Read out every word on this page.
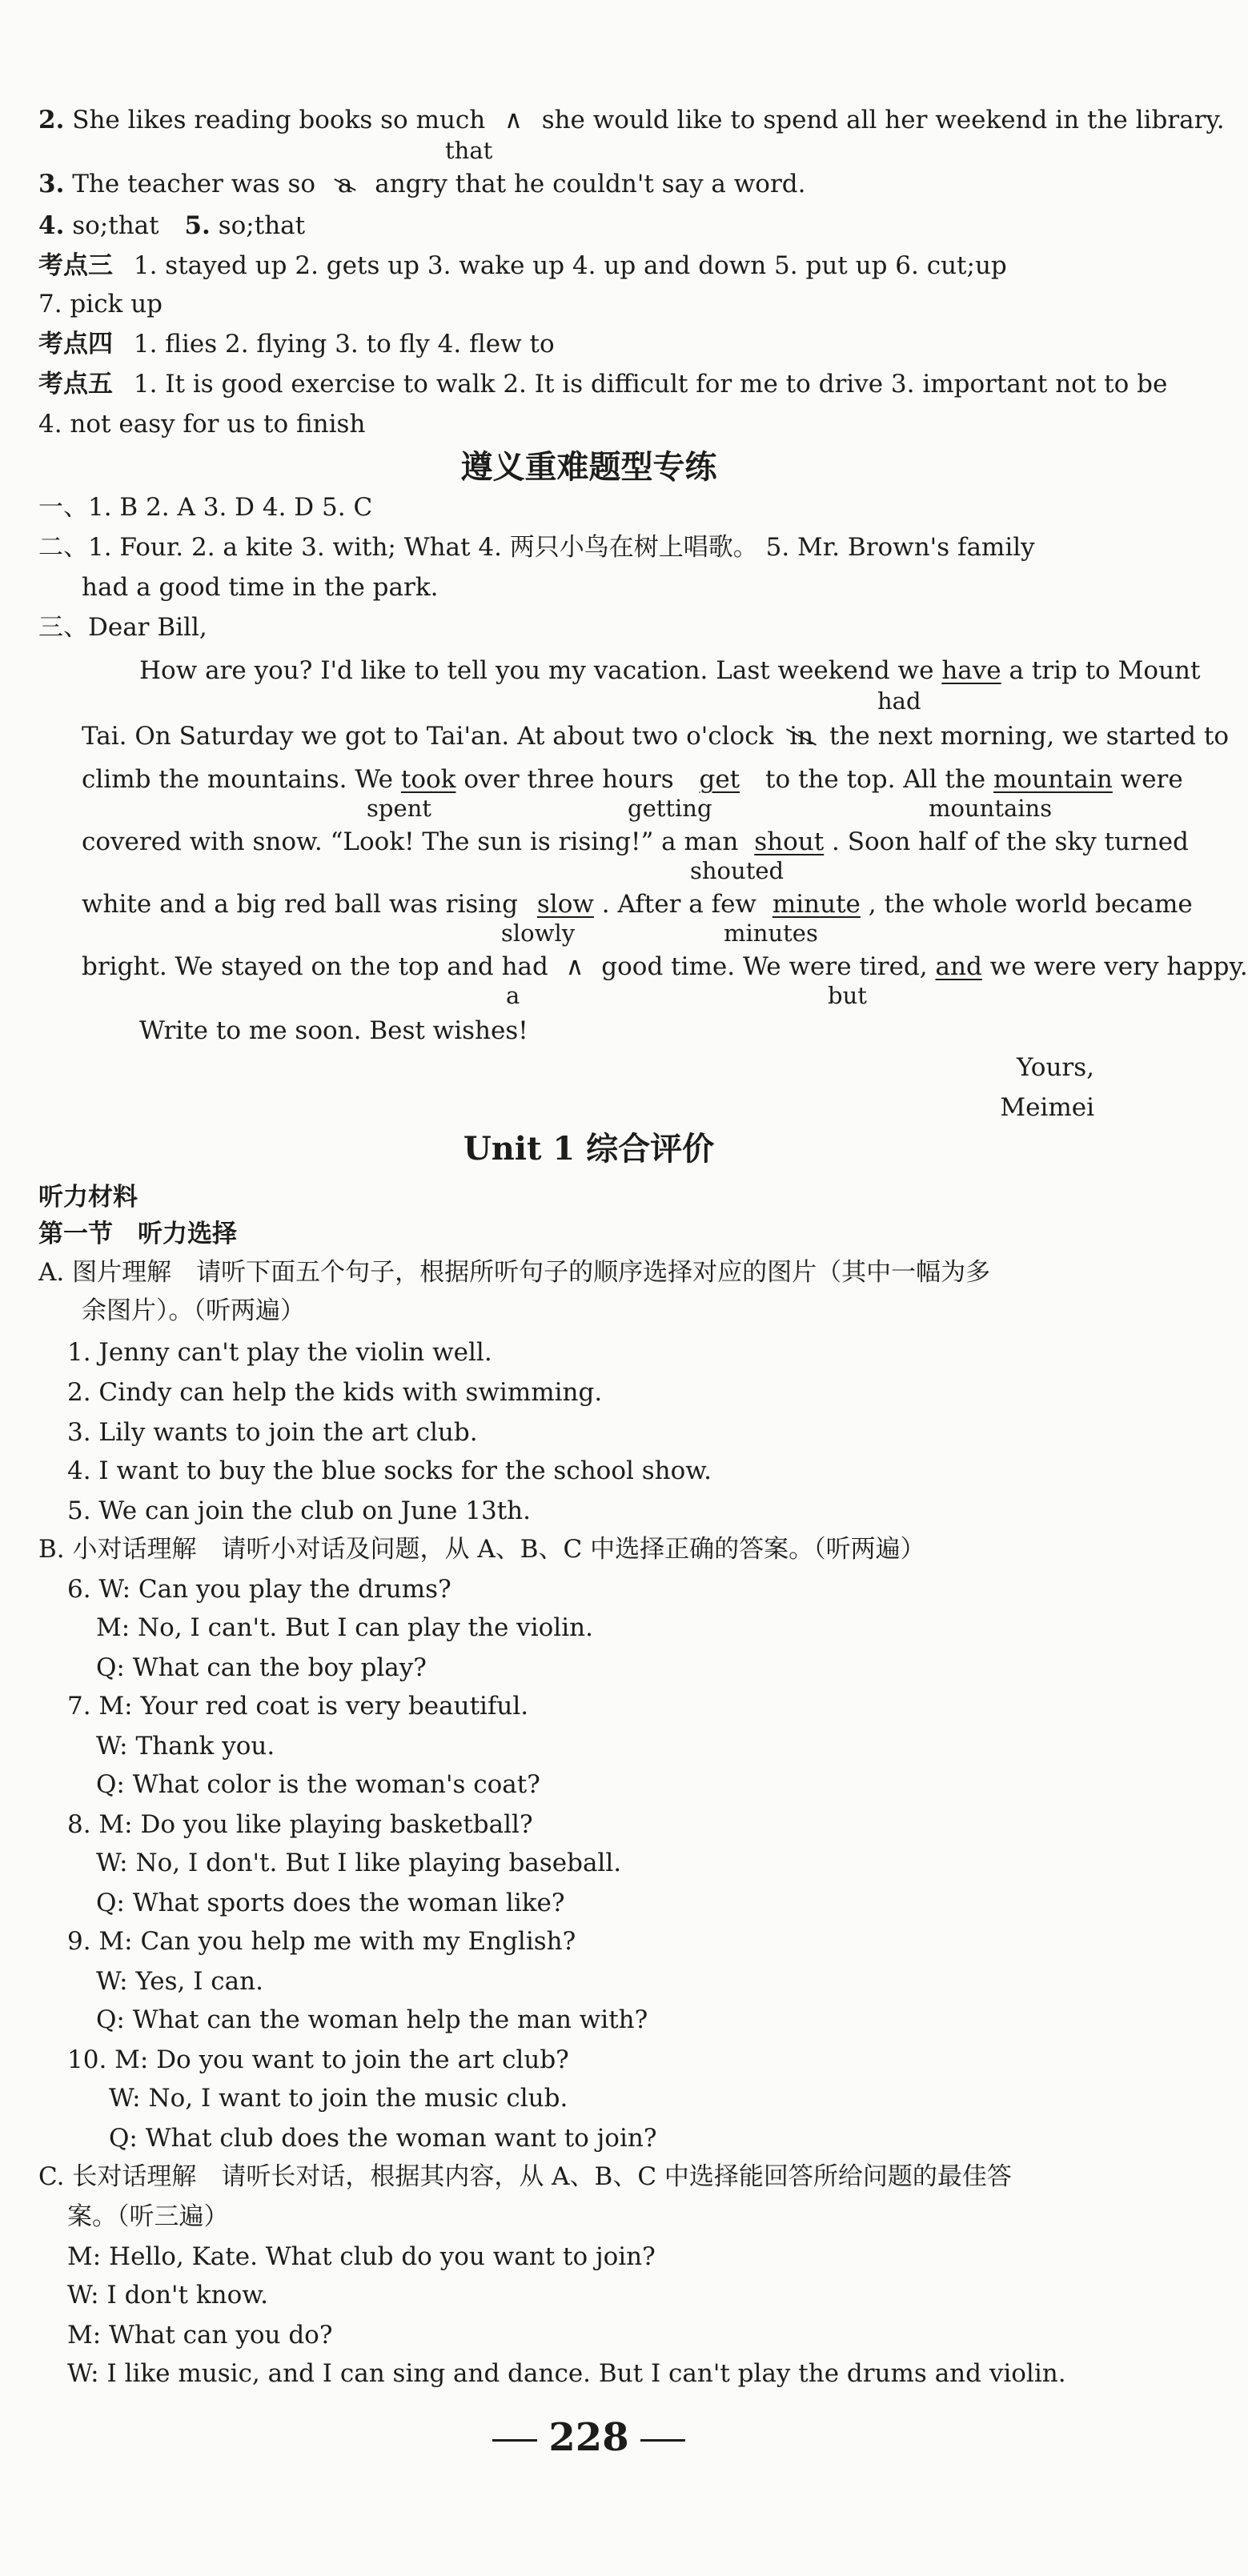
2. She likes reading books so much ∧ she would like to spend all her weekend in the library.
that
3. The teacher was so a angry that he couldn't say a word.
4. so;that 5. so;that
考点三 1. stayed up 2. gets up 3. wake up 4. up and down 5. put up 6. cut;up
7. pick up
考点四 1. flies 2. flying 3. to fly 4. flew to
考点五 1. It is good exercise to walk 2. It is difficult for me to drive 3. important not to be
4. not easy for us to finish
遵义重难题型专练
一、1. B 2. A 3. D 4. D 5. C
二、1. Four. 2. a kite 3. with; What 4. 两只小鸟在树上唱歌。 5. Mr. Brown's family
had a good time in the park.
三、Dear Bill,
How are you? I'd like to tell you my vacation. Last weekend we have a trip to Mount
had
Tai. On Saturday we got to Tai'an. At about two o'clock in the next morning, we started to
climb the mountains. We took over three hours get to the top. All the mountain were
spent	getting	mountains
covered with snow. “Look! The sun is rising!” a man shout . Soon half of the sky turned
shouted
white and a big red ball was rising slow . After a few minute , the whole world became
slowly	minutes
bright. We stayed on the top and had ∧ good time. We were tired, and we were very happy.
a	but
Write to me soon. Best wishes!
Yours,
Meimei
Unit 1 综合评价
听力材料
第一节　听力选择
A. 图片理解　请听下面五个句子，根据所听句子的顺序选择对应的图片（其中一幅为多
余图片）。（听两遍）
1. Jenny can't play the violin well.
2. Cindy can help the kids with swimming.
3. Lily wants to join the art club.
4. I want to buy the blue socks for the school show.
5. We can join the club on June 13th.
B. 小对话理解　请听小对话及问题，从 A、B、C 中选择正确的答案。（听两遍）
6. W: Can you play the drums?
M: No, I can't. But I can play the violin.
Q: What can the boy play?
7. M: Your red coat is very beautiful.
W: Thank you.
Q: What color is the woman's coat?
8. M: Do you like playing basketball?
W: No, I don't. But I like playing baseball.
Q: What sports does the woman like?
9. M: Can you help me with my English?
W: Yes, I can.
Q: What can the woman help the man with?
10. M: Do you want to join the art club?
W: No, I want to join the music club.
Q: What club does the woman want to join?
C. 长对话理解　请听长对话，根据其内容，从 A、B、C 中选择能回答所给问题的最佳答
案。（听三遍）
M: Hello, Kate. What club do you want to join?
W: I don't know.
M: What can you do?
W: I like music, and I can sing and dance. But I can't play the drums and violin.
228
